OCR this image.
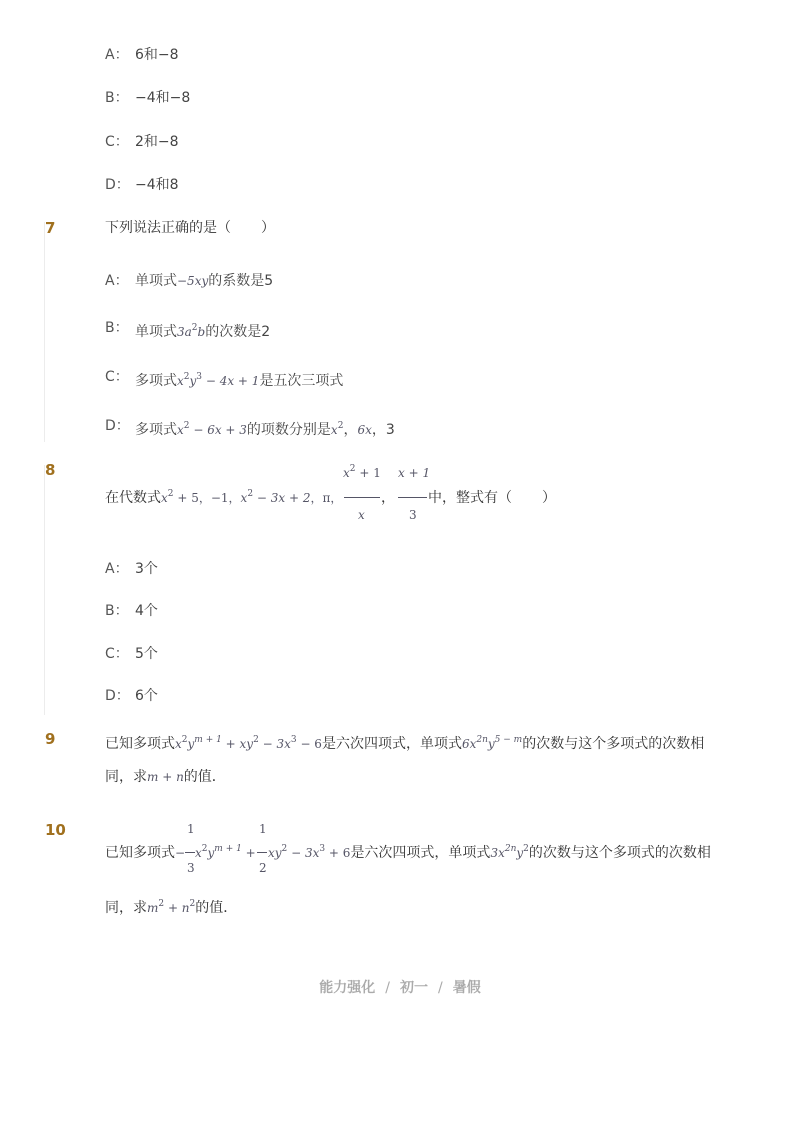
A： 6和−8
B： −4和−8
C： 2和−8
D： −4和8
7	下列说法正确的是（ ）
A： 单项式−5xy的系数是5
B： 单项式$3a^2b$的次数是2
C： 多项式$x^2y^3 - 4x + 1$是五次三项式
D： 多项式$x^2 - 6x + 3$的项数分别是$x^2$，6x，3
8
在代数式$x^2 + 5$，−1，$x^2 - 3x + 2$，π，
$x^2 + 1$
x
，
x + 1
3
中，整式有（ ）
A： 3个
B： 4个
C： 5个
D： 6个
9	已知多项式$x^2y^{m + 1} + xy^2 - 3x^3 - 6$是六次四项式，单项式$6x^{2n}y^{5 - m}$的次数与这个多项式的次数相
同，求m + n的值．
10
已知多项式−
1
3
$x^2y^{m + 1}$ +
1
2
$xy^2 - 3x^3 + 6$是六次四项式，单项式$3x^{2n}y^2$的次数与这个多项式的次数相
同，求$m^2 + n^2$的值．
能力强化 / 初一 / 暑假
